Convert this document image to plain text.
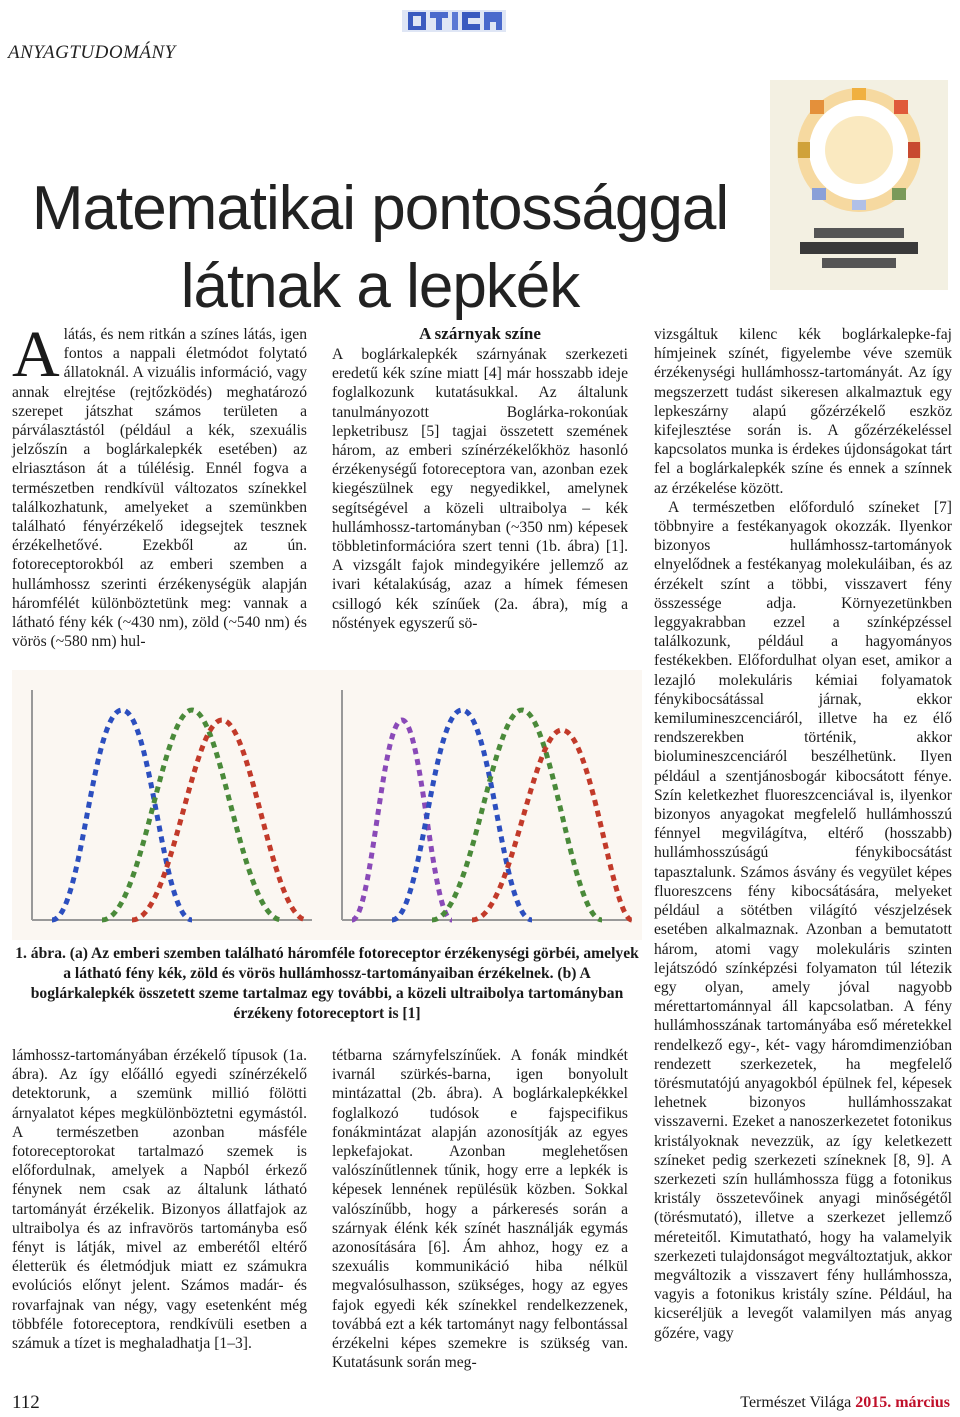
ANYAGTUDOMÁNY
Matematikai pontossággal
látnak a lepkék

Alátás, és nem ritkán a színes látás, igen fontos a nappali életmódot folytató állatoknál. A vizuális információ, vagy annak elrejtése (rejtőzködés) meghatározó szerepet játszhat számos területen a párválasztástól (például a kék, szexuális jelzőszín a boglárkalepkék esetében) az elriasztáson át a túlélésig. Ennél fogva a természetben rendkívül változatos színekkel találkozhatunk, amelyeket a szemünkben található fényérzékelő idegsejtek tesznek érzékelhetővé. Ezekből az ún. fotoreceptorokból az emberi szemben a hullámhossz szerinti érzékenységük alapján háromfélét különböztetünk meg: vannak a látható fény kék (~430 nm), zöld (~540 nm) és vörös (~580 nm) hul-

A szárnyak színe

A boglárkalepkék szárnyának szerkezeti eredetű kék színe miatt [4] már hosszabb ideje foglalkozunk kutatásukkal. Az általunk tanulmányozott Boglárka-rokonúak lepketribusz [5] tagjai összetett szemének három, az emberi színérzékelőkhöz hasonló érzékenységű fotoreceptora van, azonban ezek kiegészülnek egy negyedikkel, amelynek segítségével a közeli ultraibolya – kék hullámhossz-tartományban (~350 nm) képesek többletinformációra szert tenni (1b. ábra) [1]. A vizsgált fajok mindegyikére jellemző az ivari kétalakúság, azaz a hímek fémesen csillogó kék színűek (2a. ábra), míg a nőstények egyszerű sö-

vizsgáltuk kilenc kék boglárkalepke-faj hímjeinek színét, figyelembe véve szemük érzékenységi hullámhossz-tartományát. Az így megszerzett tudást sikeresen alkalmaztuk egy lepkeszárny alapú gőzérzékelő eszköz kifejlesztése során is. A gőzérzékeléssel kapcsolatos munka is érdekes újdonságokat tárt fel a boglárkalepkék színe és ennek a színnek az érzékelése között.

A természetben előforduló színeket [7] többnyire a festékanyagok okozzák. Ilyenkor bizonyos hullámhossz-tartományok elnyelődnek a festékanyag molekuláiban, és az érzékelt színt a többi, visszavert fény összessége adja. Környezetünkben leggyakrabban ezzel a színképzéssel találkozunk, például a hagyományos festékekben. Előfordulhat olyan eset, amikor a lezajló molekuláris kémiai folyamatok fénykibocsátással járnak, ekkor kemilumineszcenciáról, illetve ha ez élő rendszerekben történik, akkor biolumineszcenciáról beszélhetünk. Ilyen például a szentjánosbogár kibocsátott fénye. Szín keletkezhet fluoreszcenciával is, ilyenkor bizonyos anyagokat megfelelő hullámhosszú fénnyel megvilágítva, eltérő (hosszabb) hullámhosszúságú fénykibocsátást tapasztalunk. Számos ásvány és vegyület képes fluoreszcens fény kibocsátására, melyeket például a sötétben világító vészjelzések esetében alkalmaznak. Azonban a bemutatott három, atomi vagy molekuláris szinten lejátszódó színképzési folyamaton túl létezik egy olyan, amely jóval nagyobb mérettartománnyal áll kapcsolatban. A fény hullámhosszának tartományába eső méretekkel rendelkező egy-, két- vagy háromdimenzióban rendezett szerkezetek, ha megfelelő törésmutatójú anyagokból épülnek fel, képesek lehetnek bizonyos hullámhosszakat visszaverni. Ezeket a nanoszerkezetet fotonikus kristályoknak nevezzük, az így keletkezett színeket pedig szerkezeti színeknek [8, 9]. A szerkezeti szín hullámhossza függ a fotonikus kristály összetevőinek anyagi minőségétől (törésmutató), illetve a szerkezet jellemző méreteitől. Kimutatható, hogy ha valamelyik szerkezeti tulajdonságot megváltoztatjuk, akkor megváltozik a visszavert fény hullámhossza, vagyis a fotonikus kristály színe. Például, ha kicseréljük a levegőt valamilyen más anyag gőzére, vagy

1. ábra. (a) Az emberi szemben található háromféle fotoreceptor érzékenységi görbéi, amelyek a látható fény kék, zöld és vörös hullámhossz-tartományaiban érzékelnek. (b) A boglárkalepkék összetett szeme tartalmaz egy további, a közeli ultraibolya tartományban érzékeny fotoreceptort is [1]

lámhossz-tartományában érzékelő típusok (1a. ábra). Az így előálló egyedi színérzékelő detektorunk, a szemünk millió fölötti árnyalatot képes megkülönböztetni egymástól. A természetben azonban másféle fotoreceptorokat tartalmazó szemek is előfordulnak, amelyek a Napból érkező fénynek nem csak az általunk látható tartományát érzékelik. Bizonyos állatfajok az ultraibolya és az infravörös tartományba eső fényt is látják, mivel az emberétől eltérő életterük és életmódjuk miatt ez számukra evolúciós előnyt jelent. Számos madár- és rovarfajnak van négy, vagy esetenként még többféle fotoreceptora, rendkívüli esetben a számuk a tízet is meghaladhatja [1–3].

tétbarna szárnyfelszínűek. A fonák mindkét ivarnál szürkés-barna, igen bonyolult mintázattal (2b. ábra). A boglárkalepkékkel foglalkozó tudósok e fajspecifikus fonákmintázat alapján azonosítják az egyes lepkefajokat. Azonban meglehetősen valószínűtlennek tűnik, hogy erre a lepkék is képesek lennének repülésük közben. Sokkal valószínűbb, hogy a párkeresés során a szárnyak élénk kék színét használják egymás azonosítására [6]. Ám ahhoz, hogy ez a szexuális kommunikáció hiba nélkül megvalósulhasson, szükséges, hogy az egyes fajok egyedi kék színekkel rendelkezzenek, továbbá ezt a kék tartományt nagy felbontással érzékelni képes szemekre is szükség van. Kutatásunk során meg-

112	Természet Világa 2015. március
